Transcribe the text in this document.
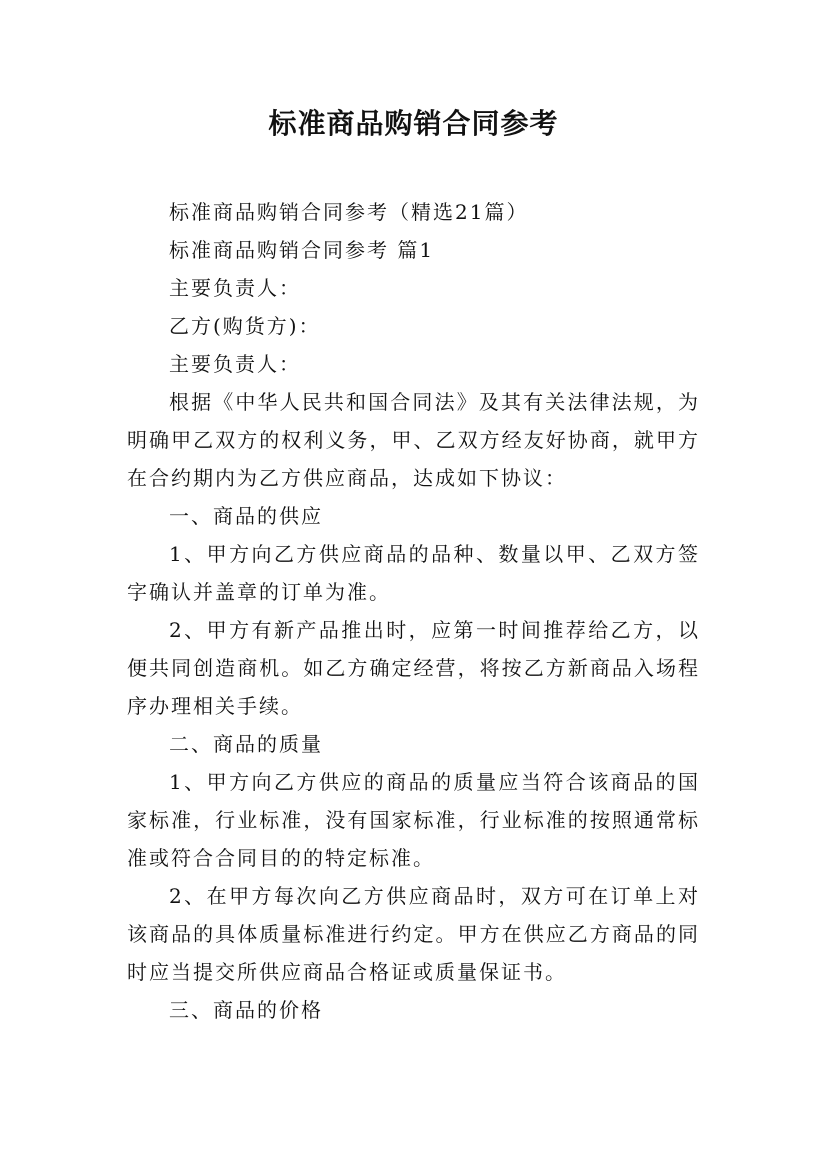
标准商品购销合同参考

标准商品购销合同参考（精选21篇）

标准商品购销合同参考 篇1

主要负责人：

乙方(购货方)：

主要负责人：

根据《中华人民共和国合同法》及其有关法律法规，为明确甲乙双方的权利义务，甲、乙双方经友好协商，就甲方在合约期内为乙方供应商品，达成如下协议：

一、商品的供应

1、甲方向乙方供应商品的品种、数量以甲、乙双方签字确认并盖章的订单为准。

2、甲方有新产品推出时，应第一时间推荐给乙方，以便共同创造商机。如乙方确定经营，将按乙方新商品入场程序办理相关手续。

二、商品的质量

1、甲方向乙方供应的商品的质量应当符合该商品的国家标准，行业标准，没有国家标准，行业标准的按照通常标准或符合合同目的的特定标准。

2、在甲方每次向乙方供应商品时，双方可在订单上对该商品的具体质量标准进行约定。甲方在供应乙方商品的同时应当提交所供应商品合格证或质量保证书。

三、商品的价格
